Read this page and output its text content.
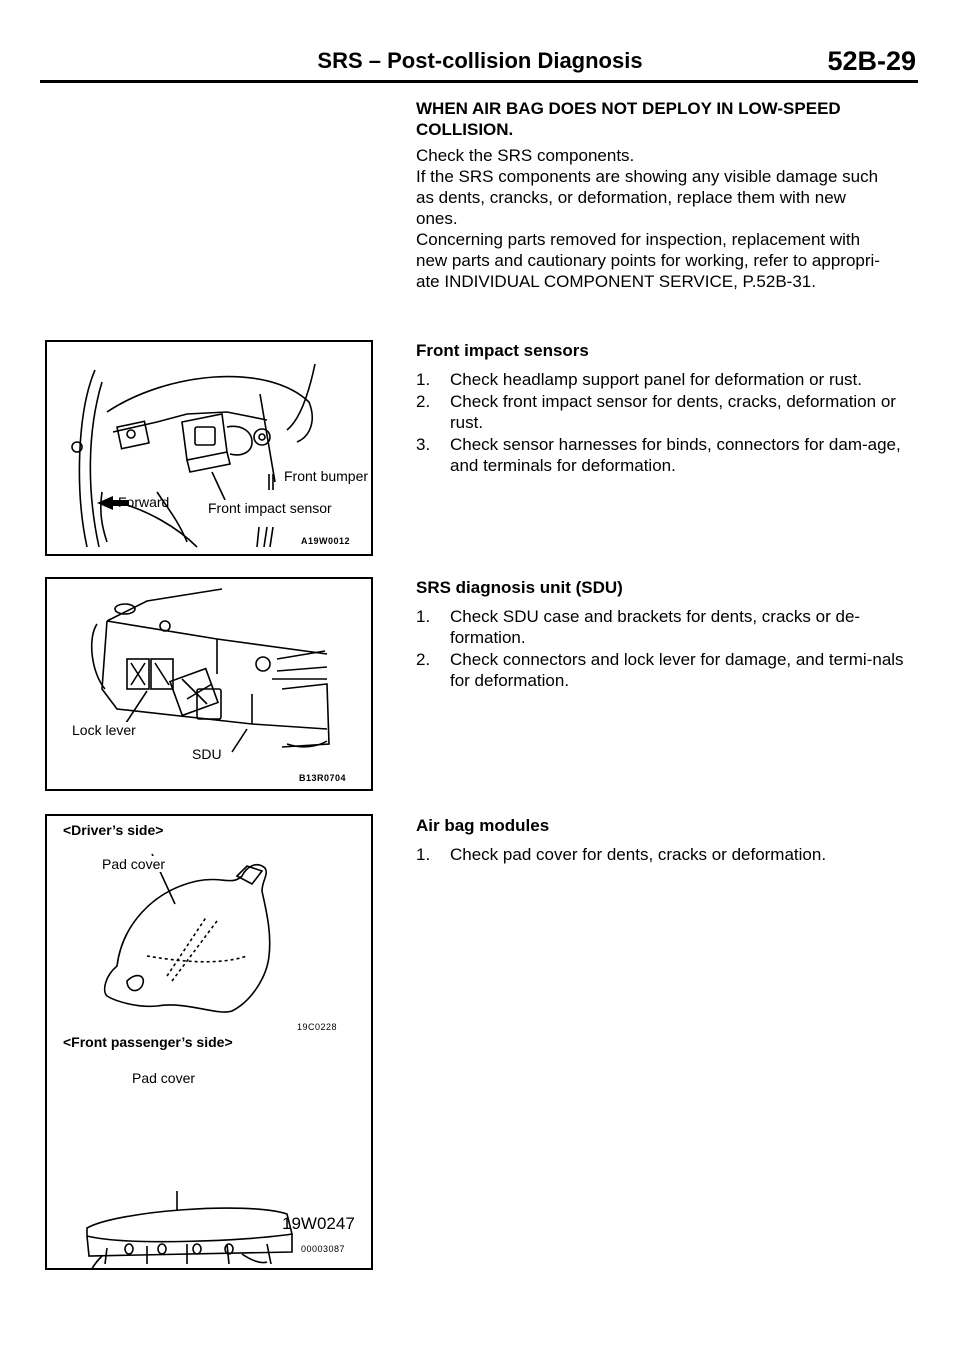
SRS – Post-collision Diagnosis	52B-29

WHEN AIR BAG DOES NOT DEPLOY IN LOW-SPEED

COLLISION.

Check the SRS components.

If the SRS components are showing any visible damage such

as dents, crancks, or deformation, replace them with new

ones.

Concerning parts removed for inspection, replacement with

new parts and cautionary points for working, refer to appropri-

ate INDIVIDUAL COMPONENT SERVICE, P.52B-31.

Front impact sensors
1. Check headlamp support panel for deformation or rust.
2. Check front impact sensor for dents, cracks, deformation or rust.
3. Check sensor harnesses for binds, connectors for dam-age, and terminals for deformation.
SRS diagnosis unit (SDU)
1. Check SDU case and brackets for dents, cracks or de-formation.
2. Check connectors and lock lever for damage, and termi-nals for deformation.
Air bag modules
1. Check pad cover for dents, cracks or deformation.
Front bumper
Forward	Front impact sensor
A19W0012
Lock lever
SDU
B13R0704
<Driver’s side>
Pad cover
19C0228
<Front passenger’s side>
Pad cover
19W0247
00003087
